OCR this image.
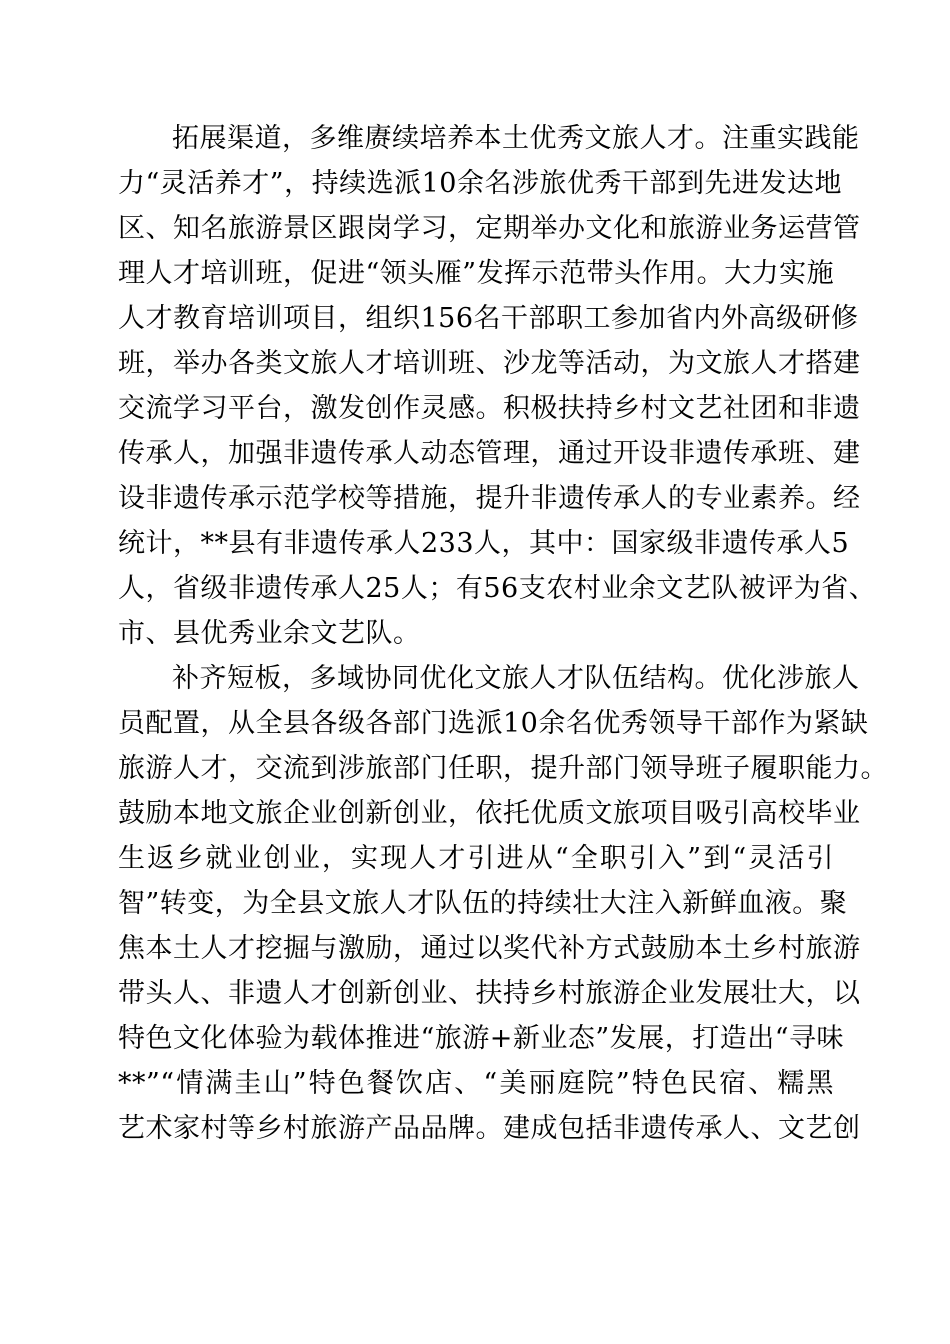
拓展渠道，多维赓续培养本土优秀文旅人才。注重实践能
力“灵活养才”，持续选派10余名涉旅优秀干部到先进发达地
区、知名旅游景区跟岗学习，定期举办文化和旅游业务运营管
理人才培训班，促进“领头雁”发挥示范带头作用。大力实施
人才教育培训项目，组织156名干部职工参加省内外高级研修
班，举办各类文旅人才培训班、沙龙等活动，为文旅人才搭建
交流学习平台，激发创作灵感。积极扶持乡村文艺社团和非遗
传承人，加强非遗传承人动态管理，通过开设非遗传承班、建
设非遗传承示范学校等措施，提升非遗传承人的专业素养。经
统计，**县有非遗传承人233人，其中：国家级非遗传承人5
人，省级非遗传承人25人；有56支农村业余文艺队被评为省、
市、县优秀业余文艺队。
补齐短板，多域协同优化文旅人才队伍结构。优化涉旅人
员配置，从全县各级各部门选派10余名优秀领导干部作为紧缺
旅游人才，交流到涉旅部门任职，提升部门领导班子履职能力。
鼓励本地文旅企业创新创业，依托优质文旅项目吸引高校毕业
生返乡就业创业，实现人才引进从“全职引入”到“灵活引
智”转变，为全县文旅人才队伍的持续壮大注入新鲜血液。聚
焦本土人才挖掘与激励，通过以奖代补方式鼓励本土乡村旅游
带头人、非遗人才创新创业、扶持乡村旅游企业发展壮大，以
特色文化体验为载体推进“旅游+新业态”发展，打造出“寻味
**”“情满圭山”特色餐饮店、“美丽庭院”特色民宿、糯黑
艺术家村等乡村旅游产品品牌。建成包括非遗传承人、文艺创
